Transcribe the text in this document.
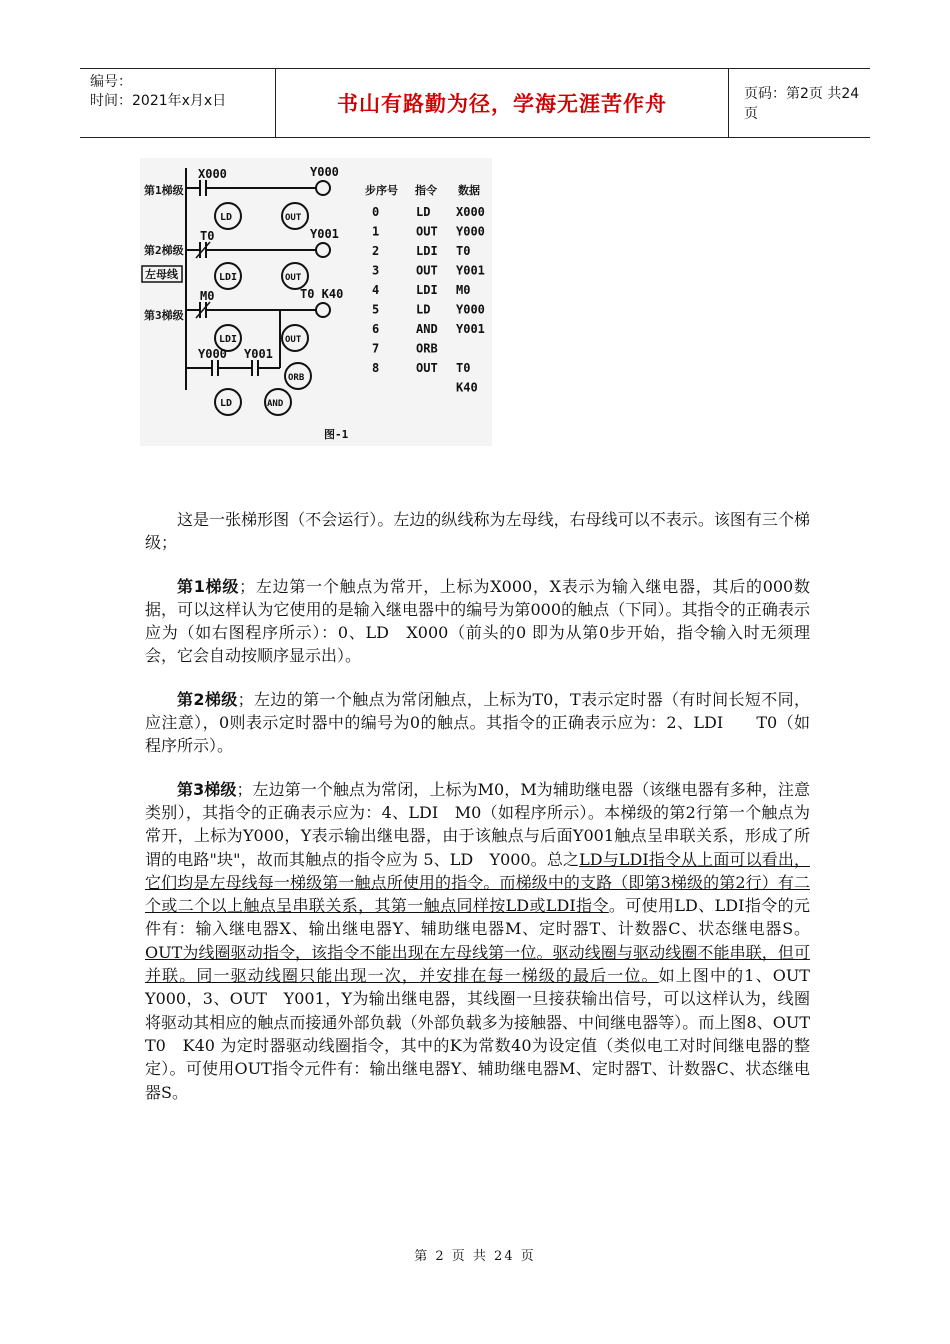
编号：
时间：2021年x月x日	书山有路勤为径，学海无涯苦作舟	页码：第2页 共24页
第1梯级
第2梯级
左母线
第3梯级
X000	Y000
LD	OUT
T0	Y001
LDI	OUT
M0	T0 K40
LDI	OUT
Y000 Y001
LD	AND
ORB
步序号 指令 数据
0	LD X000
1	OUT Y000
2	LDI T0
3	OUT Y001
4	LDI M0
5	LD Y000
6	AND Y001
7	ORB
8	OUT T0
K40
图-1

这是一张梯形图（不会运行）。左边的纵线称为左母线，右母线可以不表示。该图有三个梯级；

第1梯级；左边第一个触点为常开，上标为X000，X表示为输入继电器，其后的000数据，可以这样认为它使用的是输入继电器中的编号为第000的触点（下同）。其指令的正确表示应为（如右图程序所示）：0、LD　X000（前头的0 即为从第0步开始，指令输入时无须理会，它会自动按顺序显示出）。

第2梯级；左边的第一个触点为常闭触点，上标为T0，T表示定时器（有时间长短不同，应注意），0则表示定时器中的编号为0的触点。其指令的正确表示应为：2、LDI　　T0（如程序所示）。

第3梯级；左边第一个触点为常闭，上标为M0，M为辅助继电器（该继电器有多种，注意类别），其指令的正确表示应为：4、LDI　M0（如程序所示）。本梯级的第2行第一个触点为常开，上标为Y000，Y表示输出继电器，由于该触点与后面Y001触点呈串联关系，形成了所谓的电路"块"，故而其触点的指令应为 5、LD　Y000。总之LD与LDI指令从上面可以看出，它们均是左母线每一梯级第一触点所使用的指令。而梯级中的支路（即第3梯级的第2行）有二个或二个以上触点呈串联关系，其第一触点同样按LD或LDI指令。可使用LD、LDI指令的元件有：输入继电器X、输出继电器Y、辅助继电器M、定时器T、计数器C、状态继电器S。OUT为线圈驱动指令，该指令不能出现在左母线第一位。驱动线圈与驱动线圈不能串联，但可并联。同一驱动线圈只能出现一次，并安排在每一梯级的最后一位。如上图中的1、OUT　Y000，3、OUT　Y001，Y为输出继电器，其线圈一旦接获输出信号，可以这样认为，线圈将驱动其相应的触点而接通外部负载（外部负载多为接触器、中间继电器等）。而上图8、OUT　T0　K40 为定时器驱动线圈指令，其中的K为常数40为设定值（类似电工对时间继电器的整定）。可使用OUT指令元件有：输出继电器Y、辅助继电器M、定时器T、计数器C、状态继电器S。

第 2 页 共 24 页
